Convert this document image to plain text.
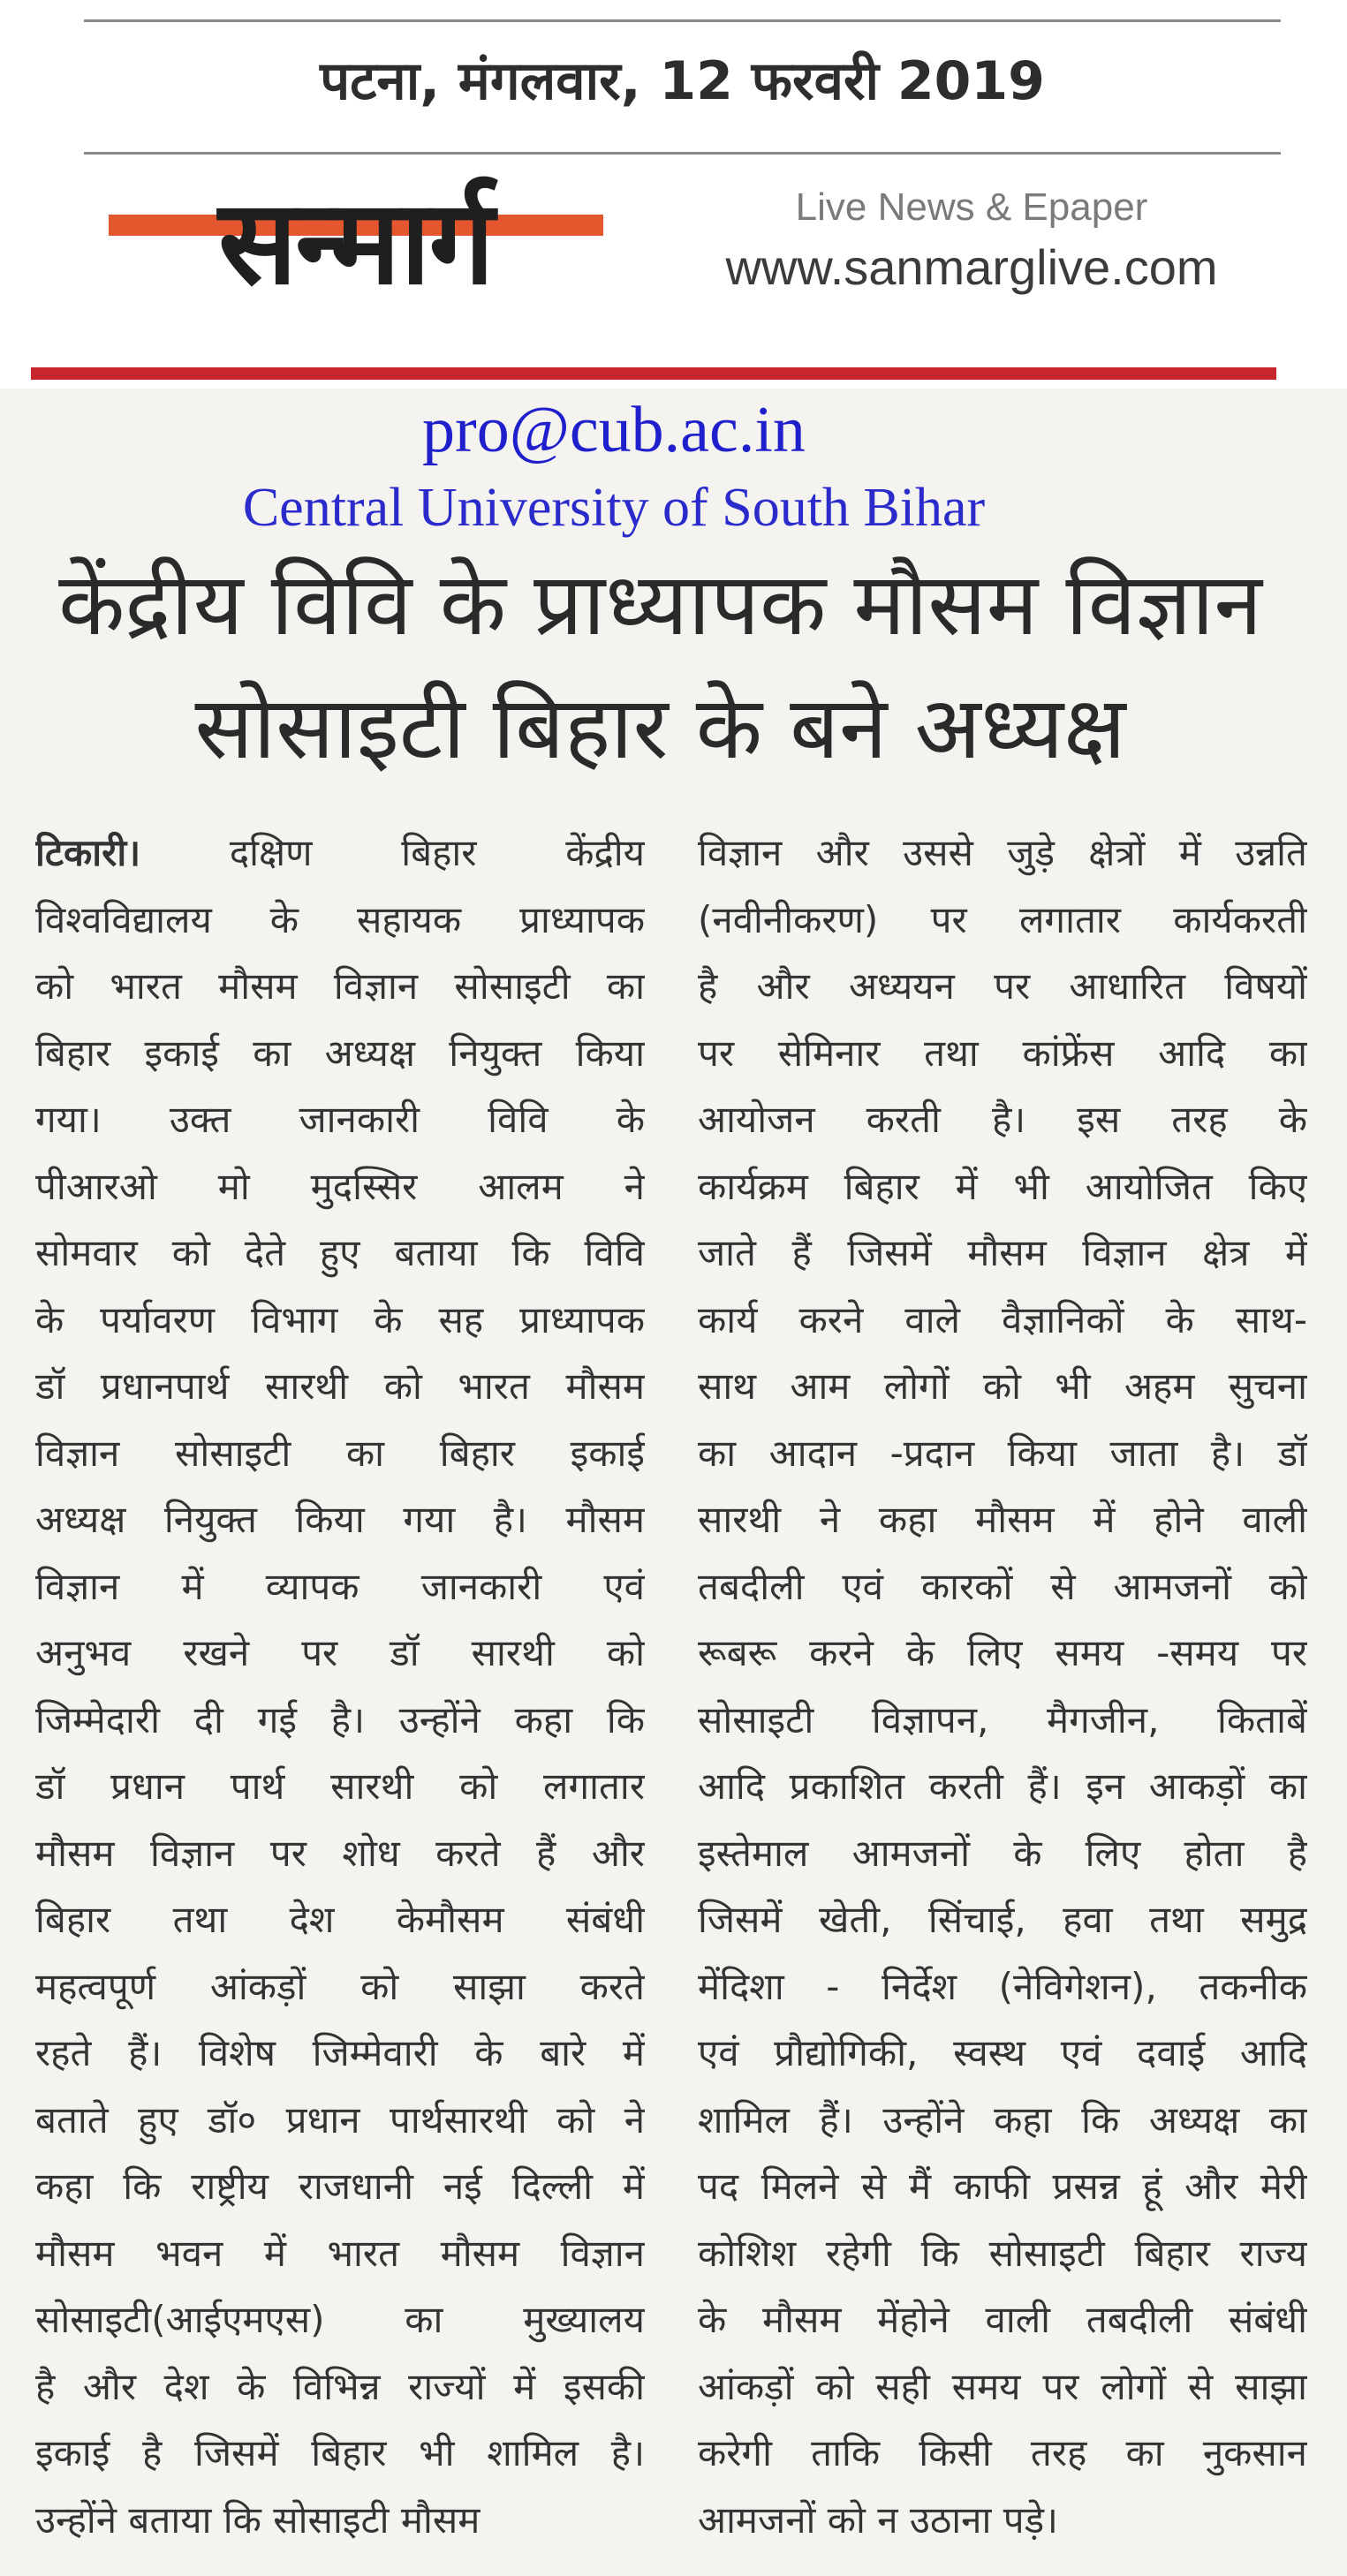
पटना, मंगलवार, 12 फरवरी 2019
सन्मार्ग	Live News & Epaper
www.sanmarglive.com
pro@cub.ac.in
Central University of South Bihar
केंद्रीय विवि के प्राध्यापक मौसम विज्ञान
सोसाइटी बिहार के बने अध्यक्ष
टिकारी। दक्षिण बिहार केंद्रीय
विश्वविद्यालय के सहायक प्राध्यापक
को भारत मौसम विज्ञान सोसाइटी का
बिहार इकाई का अध्यक्ष नियुक्त किया
गया। उक्त जानकारी विवि के
पीआरओ मो मुदस्सिर आलम ने
सोमवार को देते हुए बताया कि विवि
के पर्यावरण विभाग के सह प्राध्यापक
डॉ प्रधानपार्थ सारथी को भारत मौसम
विज्ञान सोसाइटी का बिहार इकाई
अध्यक्ष नियुक्त किया गया है। मौसम
विज्ञान में व्यापक जानकारी एवं
अनुभव रखने पर डॉ सारथी को
जिम्मेदारी दी गई है। उन्होंने कहा कि
डॉ प्रधान पार्थ सारथी को लगातार
मौसम विज्ञान पर शोध करते हैं और
बिहार तथा देश केमौसम संबंधी
महत्वपूर्ण आंकड़ों को साझा करते
रहते हैं। विशेष जिम्मेवारी के बारे में
बताते हुए डॉ० प्रधान पार्थसारथी को ने
कहा कि राष्ट्रीय राजधानी नई दिल्ली में
मौसम भवन में भारत मौसम विज्ञान
सोसाइटी(आईएमएस) का मुख्यालय
है और देश के विभिन्न राज्यों में इसकी
इकाई है जिसमें बिहार भी शामिल है।
उन्होंने बताया कि सोसाइटी मौसम
विज्ञान और उससे जुड़े क्षेत्रों में उन्नति
(नवीनीकरण) पर लगातार कार्यकरती
है और अध्ययन पर आधारित विषयों
पर सेमिनार तथा कांफ्रेंस आदि का
आयोजन करती है। इस तरह के
कार्यक्रम बिहार में भी आयोजित किए
जाते हैं जिसमें मौसम विज्ञान क्षेत्र में
कार्य करने वाले वैज्ञानिकों के साथ-
साथ आम लोगों को भी अहम सुचना
का आदान -प्रदान किया जाता है। डॉ
सारथी ने कहा मौसम में होने वाली
तबदीली एवं कारकों से आमजनों को
रूबरू करने के लिए समय -समय पर
सोसाइटी विज्ञापन, मैगजीन, किताबें
आदि प्रकाशित करती हैं। इन आकड़ों का
इस्तेमाल आमजनों के लिए होता है
जिसमें खेती, सिंचाई, हवा तथा समुद्र
मेंदिशा - निर्देश (नेविगेशन), तकनीक
एवं प्रौद्योगिकी, स्वस्थ एवं दवाई आदि
शामिल हैं। उन्होंने कहा कि अध्यक्ष का
पद मिलने से मैं काफी प्रसन्न हूं और मेरी
कोशिश रहेगी कि सोसाइटी बिहार राज्य
के मौसम मेंहोने वाली तबदीली संबंधी
आंकड़ों को सही समय पर लोगों से साझा
करेगी ताकि किसी तरह का नुकसान
आमजनों को न उठाना पड़े।
